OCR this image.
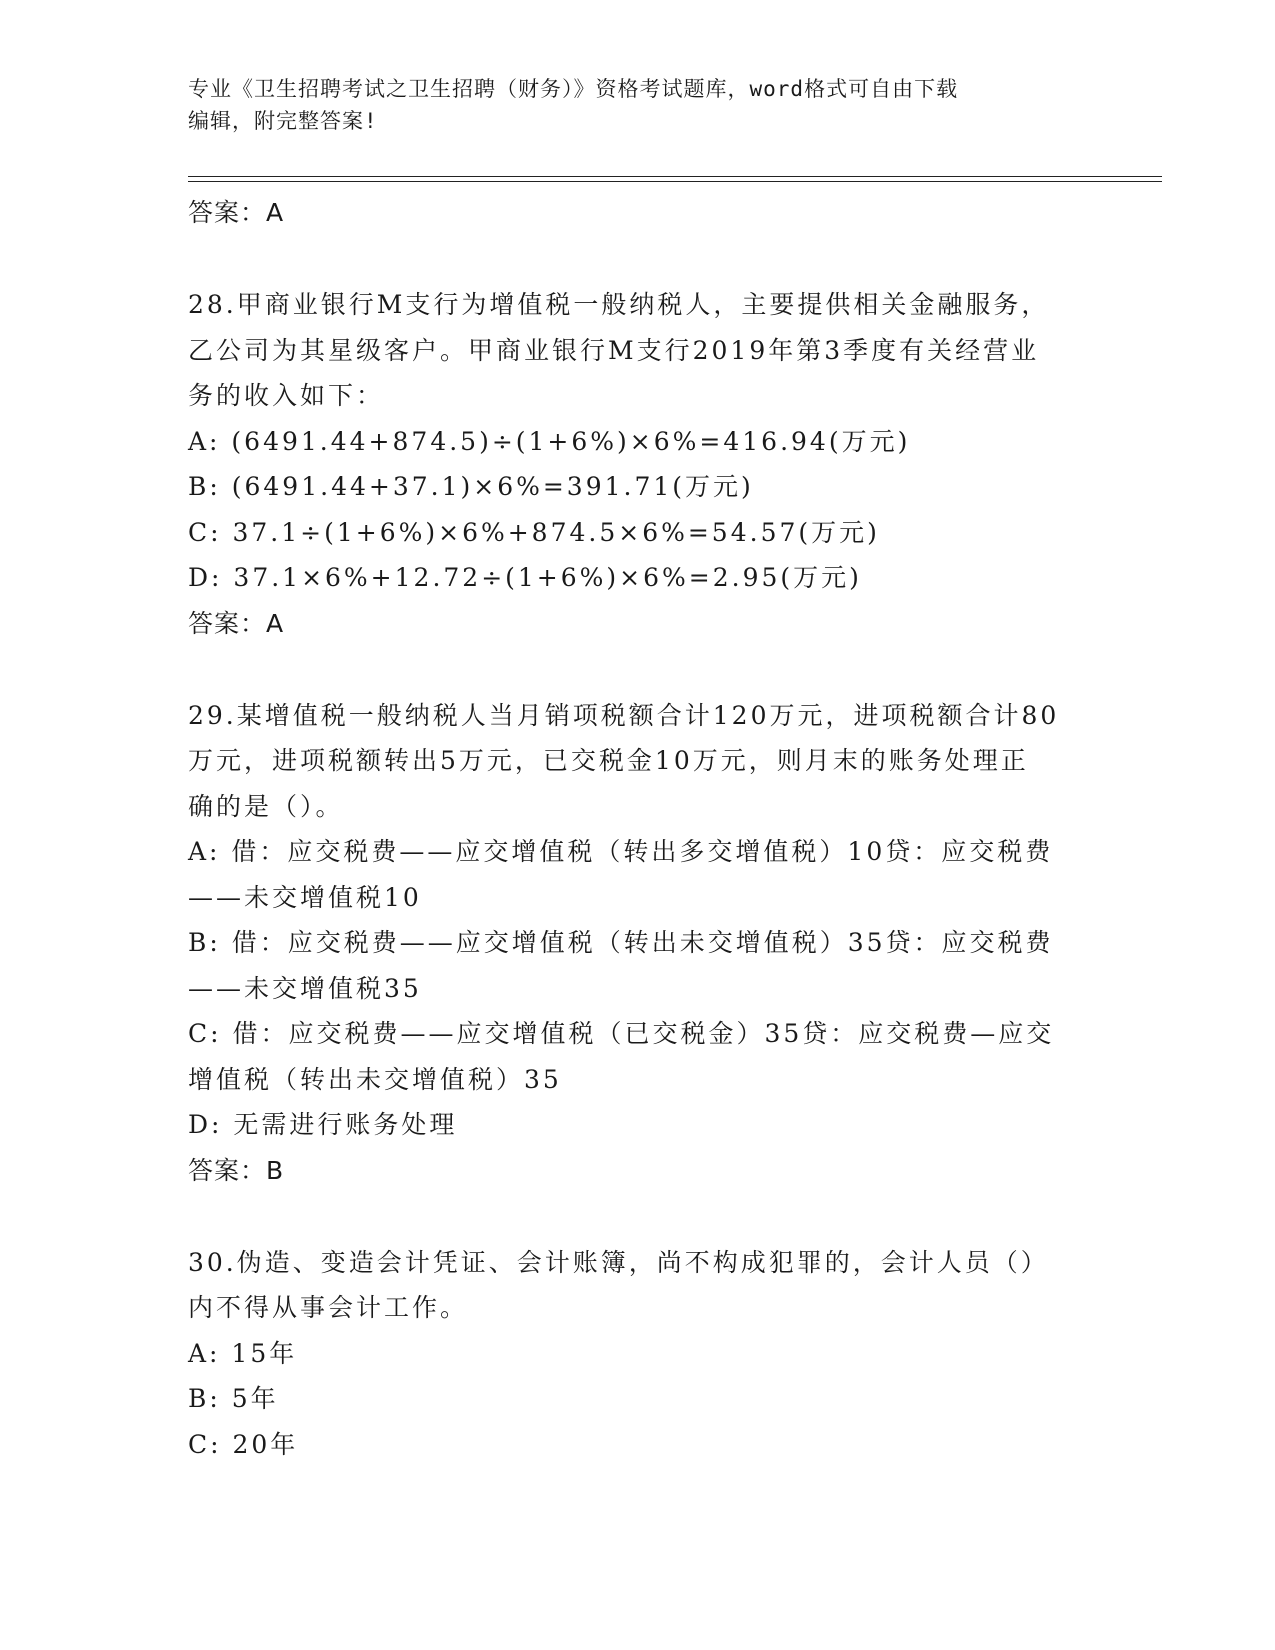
专业《卫生招聘考试之卫生招聘（财务）》资格考试题库，word格式可自由下载
编辑，附完整答案!
答案：A
28.甲商业银行M支行为增值税一般纳税人，主要提供相关金融服务，
乙公司为其星级客户。甲商业银行M支行2019年第3季度有关经营业
务的收入如下：
A: (6491.44+874.5)÷(1+6%)×6%=416.94(万元)
B: (6491.44+37.1)×6%=391.71(万元)
C: 37.1÷(1+6%)×6%+874.5×6%=54.57(万元)
D: 37.1×6%+12.72÷(1+6%)×6%=2.95(万元)
答案：A
29.某增值税一般纳税人当月销项税额合计120万元，进项税额合计80
万元，进项税额转出5万元，已交税金10万元，则月末的账务处理正
确的是（）。
A: 借：应交税费——应交增值税（转出多交增值税）10贷：应交税费
——未交增值税10
B: 借：应交税费——应交增值税（转出未交增值税）35贷：应交税费
——未交增值税35
C: 借：应交税费——应交增值税（已交税金）35贷：应交税费—应交
增值税（转出未交增值税）35
D: 无需进行账务处理
答案：B
30.伪造、变造会计凭证、会计账簿，尚不构成犯罪的，会计人员（）
内不得从事会计工作。
A: 15年
B: 5年
C: 20年
